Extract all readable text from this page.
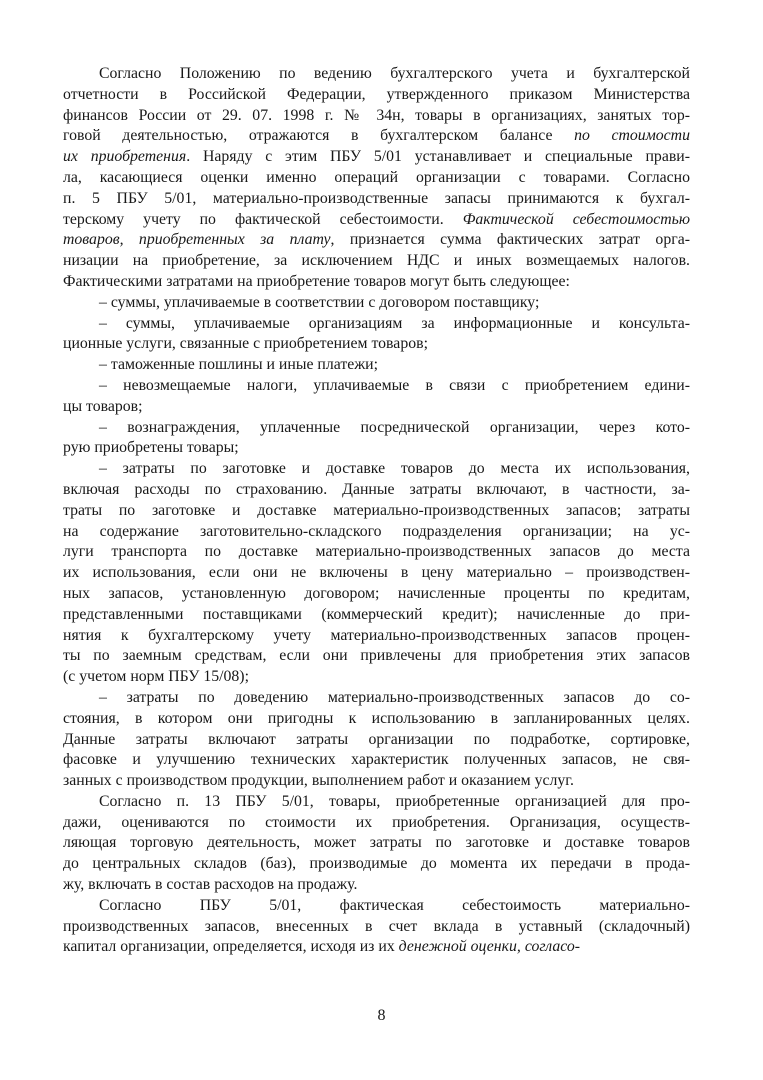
Согласно Положению по ведению бухгалтерского учета и бухгалтерской
отчетности в Российской Федерации, утвержденного приказом Министерства
финансов России от 29. 07. 1998 г. № 34н, товары в организациях, занятых тор-
говой деятельностью, отражаются в бухгалтерском балансе по стоимости
их приобретения. Наряду с этим ПБУ 5/01 устанавливает и специальные прави-
ла, касающиеся оценки именно операций организации с товарами. Согласно
п. 5 ПБУ 5/01, материально-производственные запасы принимаются к бухгал-
терскому учету по фактической себестоимости. Фактической себестоимостью
товаров, приобретенных за плату, признается сумма фактических затрат орга-
низации на приобретение, за исключением НДС и иных возмещаемых налогов.
Фактическими затратами на приобретение товаров могут быть следующее:
– суммы, уплачиваемые в соответствии с договором поставщику;
– суммы, уплачиваемые организациям за информационные и консульта-
ционные услуги, связанные с приобретением товаров;
– таможенные пошлины и иные платежи;
– невозмещаемые налоги, уплачиваемые в связи с приобретением едини-
цы товаров;
– вознаграждения, уплаченные посреднической организации, через кото-
рую приобретены товары;
– затраты по заготовке и доставке товаров до места их использования,
включая расходы по страхованию. Данные затраты включают, в частности, за-
траты по заготовке и доставке материально-производственных запасов; затраты
на содержание заготовительно-складского подразделения организации; на ус-
луги транспорта по доставке материально-производственных запасов до места
их использования, если они не включены в цену материально – производствен-
ных запасов, установленную договором; начисленные проценты по кредитам,
представленными поставщиками (коммерческий кредит); начисленные до при-
нятия к бухгалтерскому учету материально-производственных запасов процен-
ты по заемным средствам, если они привлечены для приобретения этих запасов
(с учетом норм ПБУ 15/08);
– затраты по доведению материально-производственных запасов до со-
стояния, в котором они пригодны к использованию в запланированных целях.
Данные затраты включают затраты организации по подработке, сортировке,
фасовке и улучшению технических характеристик полученных запасов, не свя-
занных с производством продукции, выполнением работ и оказанием услуг.
Согласно п. 13 ПБУ 5/01, товары, приобретенные организацией для про-
дажи, оцениваются по стоимости их приобретения. Организация, осуществ-
ляющая торговую деятельность, может затраты по заготовке и доставке товаров
до центральных складов (баз), производимые до момента их передачи в прода-
жу, включать в состав расходов на продажу.
Согласно ПБУ 5/01, фактическая себестоимость материально-
производственных запасов, внесенных в счет вклада в уставный (складочный)
капитал организации, определяется, исходя из их денежной оценки, согласо-
8
